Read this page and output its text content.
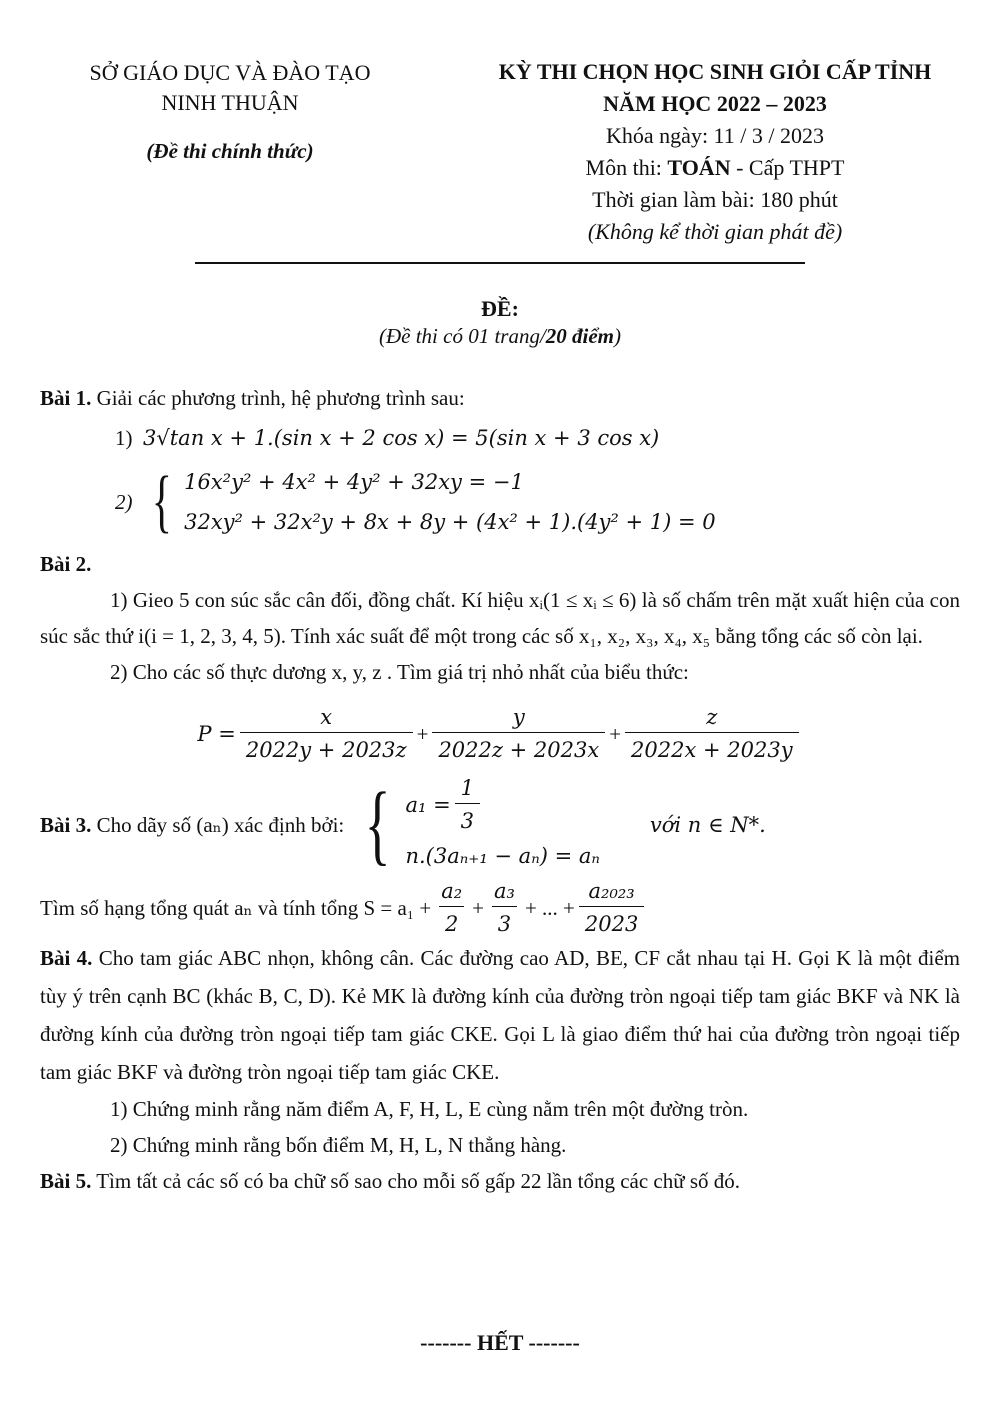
SỞ GIÁO DỤC VÀ ĐÀO TẠO
NINH THUẬN
(Đề thi chính thức)
KỲ THI CHỌN HỌC SINH GIỎI CẤP TỈNH
NĂM HỌC 2022 – 2023
Khóa ngày: 11 / 3 / 2023
Môn thi: TOÁN - Cấp THPT
Thời gian làm bài: 180 phút
(Không kể thời gian phát đề)
ĐỀ:
(Đề thi có 01 trang/20 điểm)

Bài 1. Giải các phương trình, hệ phương trình sau:

1) 3√tan x + 1.(sin x + 2 cos x) = 5(sin x + 3 cos x)

2) { 16x²y² + 4x² + 4y² + 32xy = −1
32xy² + 32x²y + 8x + 8y + (4x² + 1).(4y² + 1) = 0

Bài 2.

1) Gieo 5 con súc sắc cân đối, đồng chất. Kí hiệu xᵢ(1 ≤ xᵢ ≤ 6) là số chấm trên mặt xuất hiện của con súc sắc thứ i(i = 1, 2, 3, 4, 5). Tính xác suất để một trong các số x₁, x₂, x₃, x₄, x₅ bằng tổng các số còn lại.

2) Cho các số thực dương x, y, z . Tìm giá trị nhỏ nhất của biểu thức:

$P = \frac{x}{2022y + 2023z} + \frac{y}{2022z + 2023x} + \frac{z}{2022x + 2023y}$
Bài 3.
Cho dãy số (aₙ) xác định bởi: { $a_1 = \frac{1}{3}$
n.(3aₙ₊₁ − aₙ) = aₙ
với n ∈ N*.
Tìm số hạng tổng quát aₙ và tính tổng $S = a_1 + \frac{\text{a₂}}{2} + \frac{\text{a₃}}{3}$ + ... + $\frac{\text{a₂₀₂₃}}{2023}$

Bài 4. Cho tam giác ABC nhọn, không cân. Các đường cao AD, BE, CF cắt nhau tại H. Gọi K là một điểm tùy ý trên cạnh BC (khác B, C, D). Kẻ MK là đường kính của đường tròn ngoại tiếp tam giác BKF và NK là đường kính của đường tròn ngoại tiếp tam giác CKE. Gọi L là giao điểm thứ hai của đường tròn ngoại tiếp tam giác BKF và đường tròn ngoại tiếp tam giác CKE.

1) Chứng minh rằng năm điểm A, F, H, L, E cùng nằm trên một đường tròn.

2) Chứng minh rằng bốn điểm M, H, L, N thẳng hàng.

Bài 5. Tìm tất cả các số có ba chữ số sao cho mỗi số gấp 22 lần tổng các chữ số đó.

------- HẾT -------
